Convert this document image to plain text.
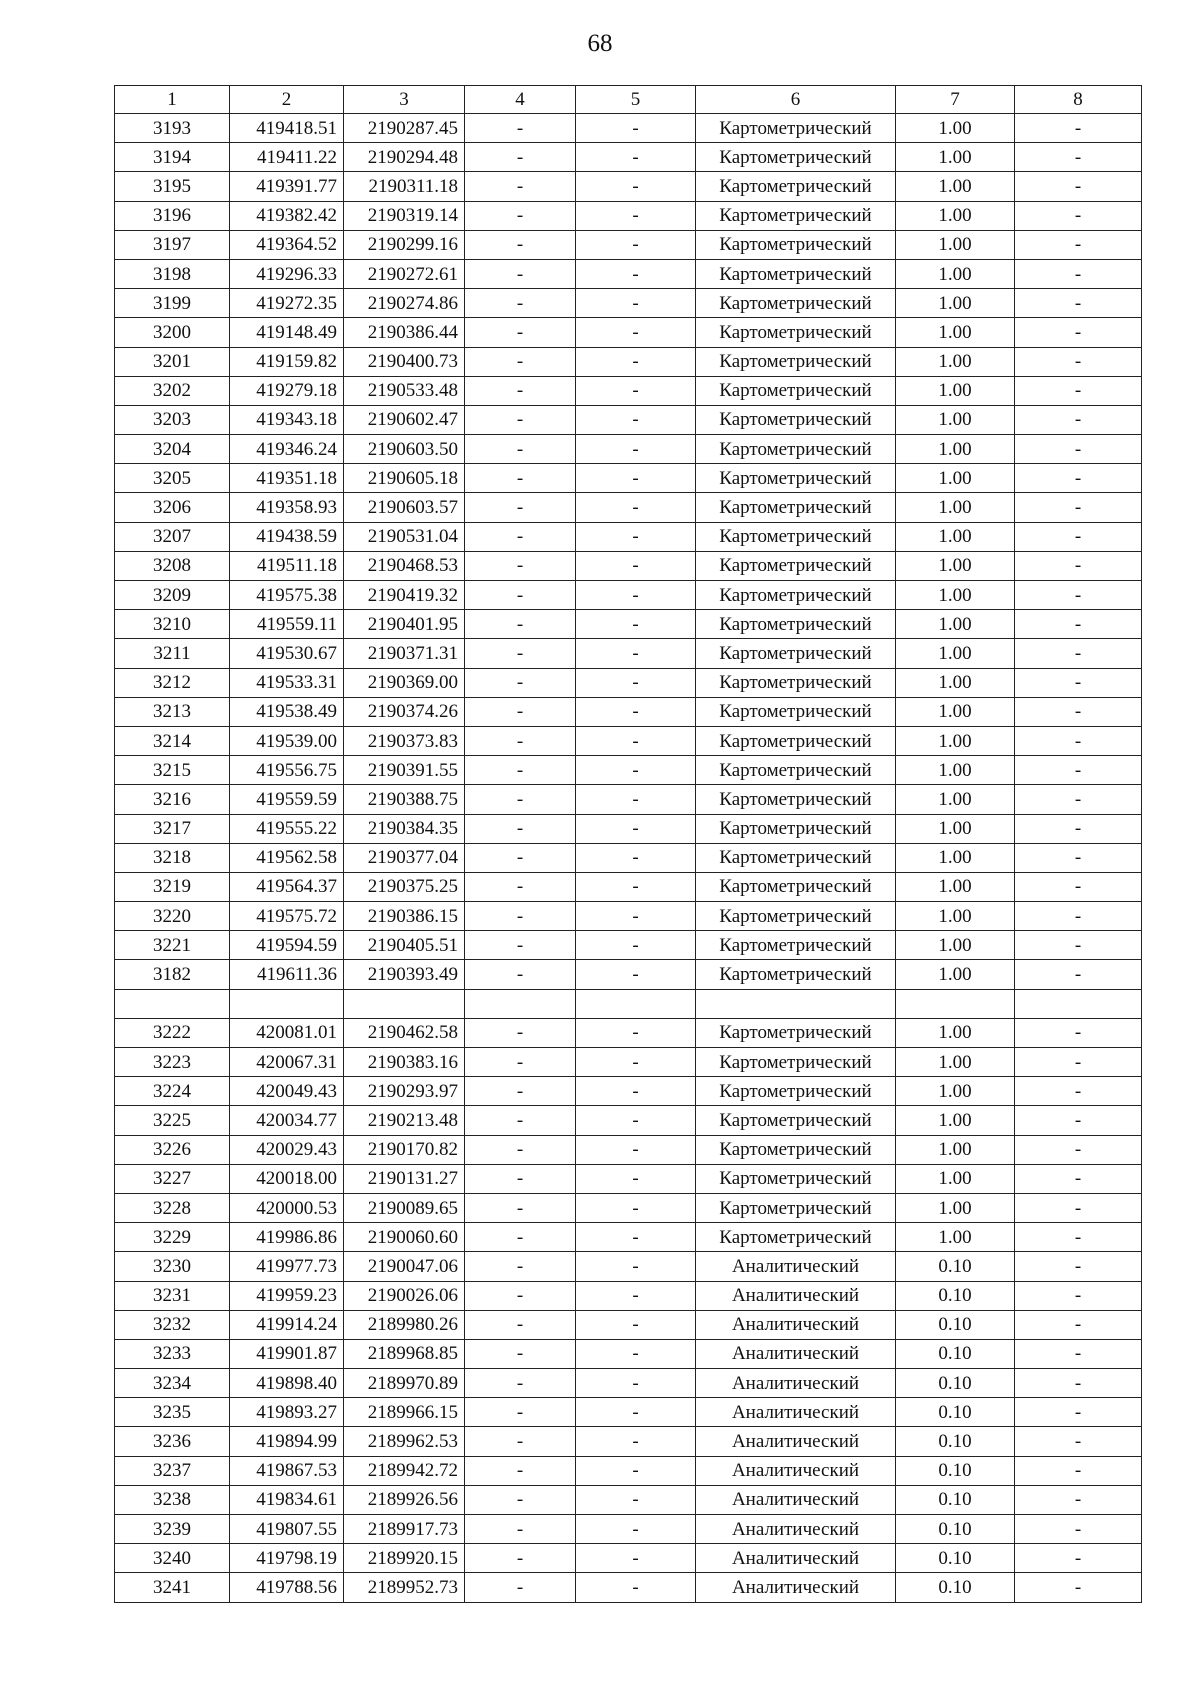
68
1	2	3	4	5	6	7	8
3193	419418.51	2190287.45	-	-	Картометрический	1.00	-
3194	419411.22	2190294.48	-	-	Картометрический	1.00	-
3195	419391.77	2190311.18	-	-	Картометрический	1.00	-
3196	419382.42	2190319.14	-	-	Картометрический	1.00	-
3197	419364.52	2190299.16	-	-	Картометрический	1.00	-
3198	419296.33	2190272.61	-	-	Картометрический	1.00	-
3199	419272.35	2190274.86	-	-	Картометрический	1.00	-
3200	419148.49	2190386.44	-	-	Картометрический	1.00	-
3201	419159.82	2190400.73	-	-	Картометрический	1.00	-
3202	419279.18	2190533.48	-	-	Картометрический	1.00	-
3203	419343.18	2190602.47	-	-	Картометрический	1.00	-
3204	419346.24	2190603.50	-	-	Картометрический	1.00	-
3205	419351.18	2190605.18	-	-	Картометрический	1.00	-
3206	419358.93	2190603.57	-	-	Картометрический	1.00	-
3207	419438.59	2190531.04	-	-	Картометрический	1.00	-
3208	419511.18	2190468.53	-	-	Картометрический	1.00	-
3209	419575.38	2190419.32	-	-	Картометрический	1.00	-
3210	419559.11	2190401.95	-	-	Картометрический	1.00	-
3211	419530.67	2190371.31	-	-	Картометрический	1.00	-
3212	419533.31	2190369.00	-	-	Картометрический	1.00	-
3213	419538.49	2190374.26	-	-	Картометрический	1.00	-
3214	419539.00	2190373.83	-	-	Картометрический	1.00	-
3215	419556.75	2190391.55	-	-	Картометрический	1.00	-
3216	419559.59	2190388.75	-	-	Картометрический	1.00	-
3217	419555.22	2190384.35	-	-	Картометрический	1.00	-
3218	419562.58	2190377.04	-	-	Картометрический	1.00	-
3219	419564.37	2190375.25	-	-	Картометрический	1.00	-
3220	419575.72	2190386.15	-	-	Картометрический	1.00	-
3221	419594.59	2190405.51	-	-	Картометрический	1.00	-
3182	419611.36	2190393.49	-	-	Картометрический	1.00	-

3222	420081.01	2190462.58	-	-	Картометрический	1.00	-
3223	420067.31	2190383.16	-	-	Картометрический	1.00	-
3224	420049.43	2190293.97	-	-	Картометрический	1.00	-
3225	420034.77	2190213.48	-	-	Картометрический	1.00	-
3226	420029.43	2190170.82	-	-	Картометрический	1.00	-
3227	420018.00	2190131.27	-	-	Картометрический	1.00	-
3228	420000.53	2190089.65	-	-	Картометрический	1.00	-
3229	419986.86	2190060.60	-	-	Картометрический	1.00	-
3230	419977.73	2190047.06	-	-	Аналитический	0.10	-
3231	419959.23	2190026.06	-	-	Аналитический	0.10	-
3232	419914.24	2189980.26	-	-	Аналитический	0.10	-
3233	419901.87	2189968.85	-	-	Аналитический	0.10	-
3234	419898.40	2189970.89	-	-	Аналитический	0.10	-
3235	419893.27	2189966.15	-	-	Аналитический	0.10	-
3236	419894.99	2189962.53	-	-	Аналитический	0.10	-
3237	419867.53	2189942.72	-	-	Аналитический	0.10	-
3238	419834.61	2189926.56	-	-	Аналитический	0.10	-
3239	419807.55	2189917.73	-	-	Аналитический	0.10	-
3240	419798.19	2189920.15	-	-	Аналитический	0.10	-
3241	419788.56	2189952.73	-	-	Аналитический	0.10	-
